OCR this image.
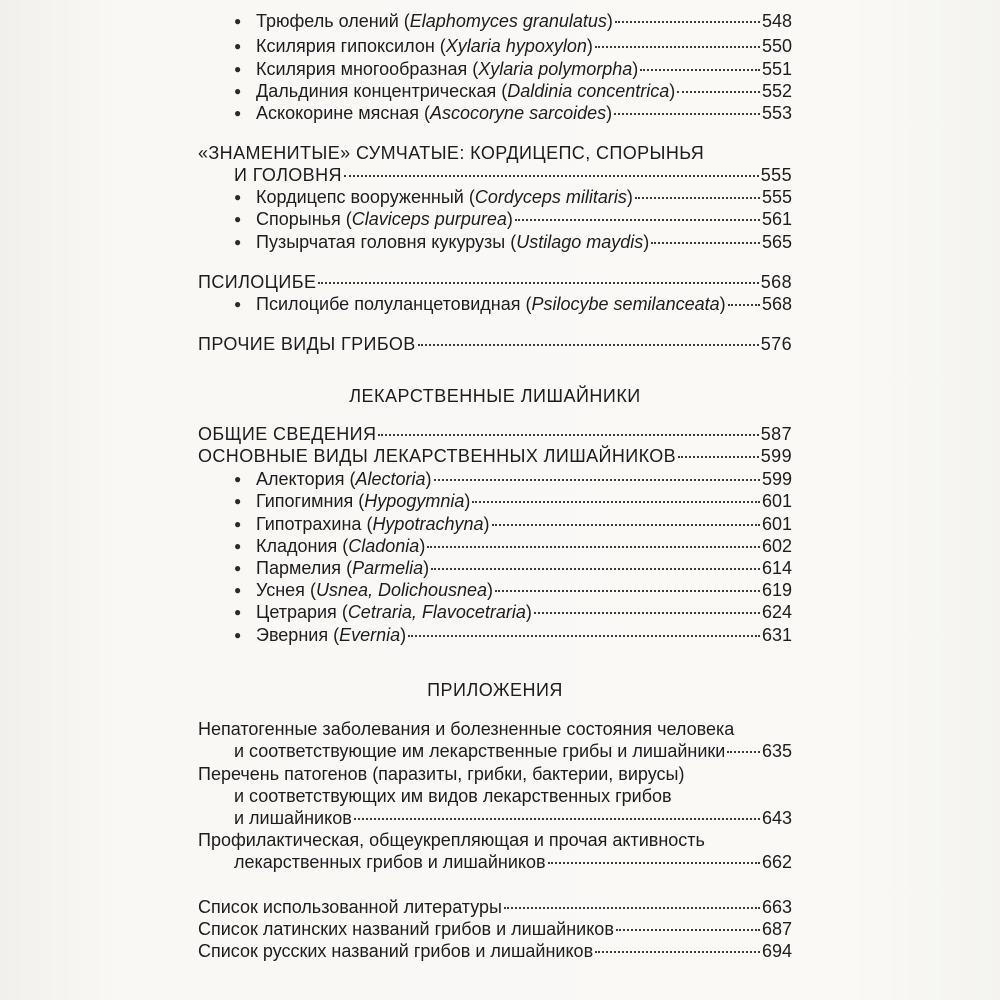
● Трюфель олений (Elaphomyces granulatus)	548
● Ксилярия гипоксилон (Xylaria hypoxylon)	550
● Ксилярия многообразная (Xylaria polymorpha)	551
● Дальдиния концентрическая (Daldinia concentrica)	552
● Аскокорине мясная (Ascocoryne sarcoides)	553
«ЗНАМЕНИТЫЕ» СУМЧАТЫЕ: КОРДИЦЕПС, СПОРЫНЬЯ
И ГОЛОВНЯ	555
● Кордицепс вооруженный (Cordyceps militaris)	555
● Спорынья (Claviceps purpurea)	561
● Пузырчатая головня кукурузы (Ustilago maydis)	565
ПСИЛОЦИБЕ	568
● Псилоцибе полуланцетовидная (Psilocybe semilanceata) 568
ПРОЧИЕ ВИДЫ ГРИБОВ	576
ЛЕКАРСТВЕННЫЕ ЛИШАЙНИКИ
ОБЩИЕ СВЕДЕНИЯ	587
ОСНОВНЫЕ ВИДЫ ЛЕКАРСТВЕННЫХ ЛИШАЙНИКОВ	599
● Алектория (Alectoria)	599
● Гипогимния (Hypogymnia)	601
● Гипотрахина (Hypotrachyna)	601
● Кладония (Cladonia)	602
● Пармелия (Parmelia)	614
● Уснея (Usnea, Dolichousnea)	619
● Цетрария (Cetraria, Flavocetraria)	624
● Эверния (Evernia)	631
ПРИЛОЖЕНИЯ
Непатогенные заболевания и болезненные состояния человека
и соответствующие им лекарственные грибы и лишайники 635
Перечень патогенов (паразиты, грибки, бактерии, вирусы)
и соответствующих им видов лекарственных грибов
и лишайников	643
Профилактическая, общеукрепляющая и прочая активность
лекарственных грибов и лишайников	662
Список использованной литературы	663
Список латинских названий грибов и лишайников	687
Список русских названий грибов и лишайников	694
